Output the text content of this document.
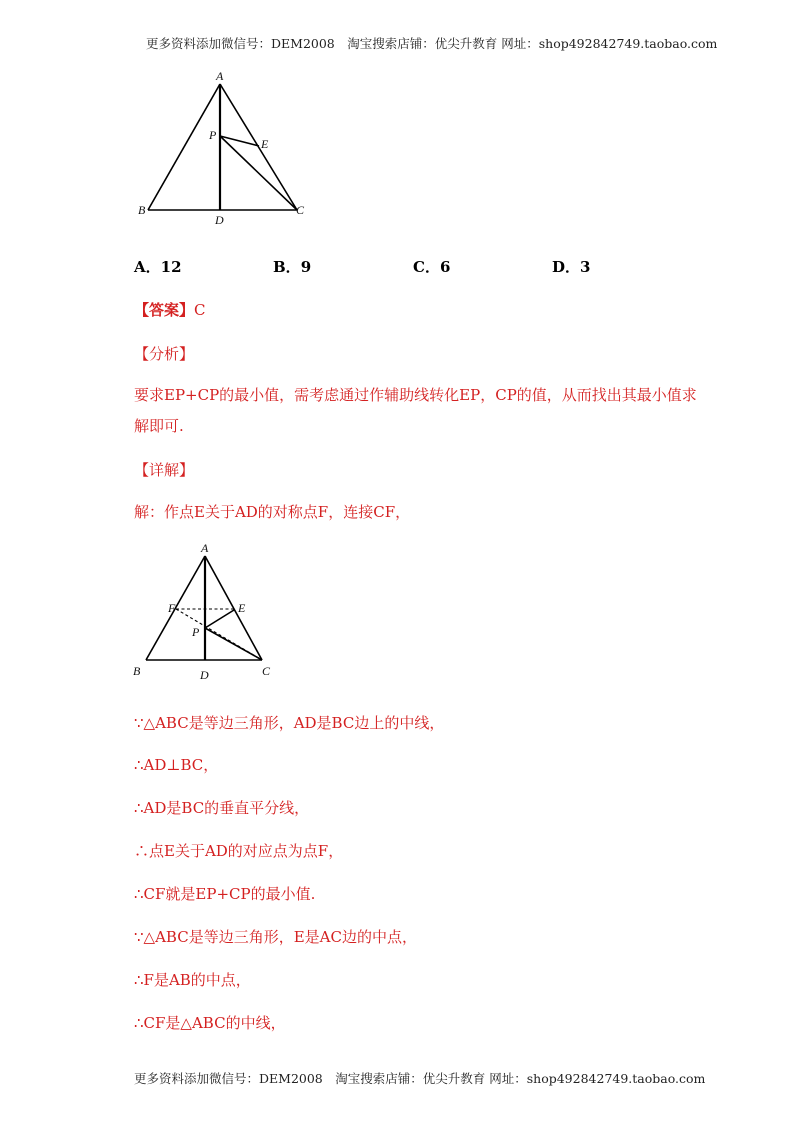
更多资料添加微信号：DEM2008　淘宝搜索店铺：优尖升教育 网址：shop492842749.taobao.com
A
P
E
B
D
C
A．12	B．9	C．6	D．3
【答案】C
【分析】
要求EP+CP的最小值，需考虑通过作辅助线转化EP，CP的值，从而找出其最小值求
解即可.
【详解】
解：作点E关于AD的对称点F，连接CF，
A
F	E
P
B	D	C
∵△ABC是等边三角形，AD是BC边上的中线，
∴AD⊥BC，
∴AD是BC的垂直平分线，
∴点E关于AD的对应点为点F，
∴CF就是EP+CP的最小值.
∵△ABC是等边三角形，E是AC边的中点，
∴F是AB的中点，
∴CF是△ABC的中线，
更多资料添加微信号：DEM2008　淘宝搜索店铺：优尖升教育 网址：shop492842749.taobao.com
